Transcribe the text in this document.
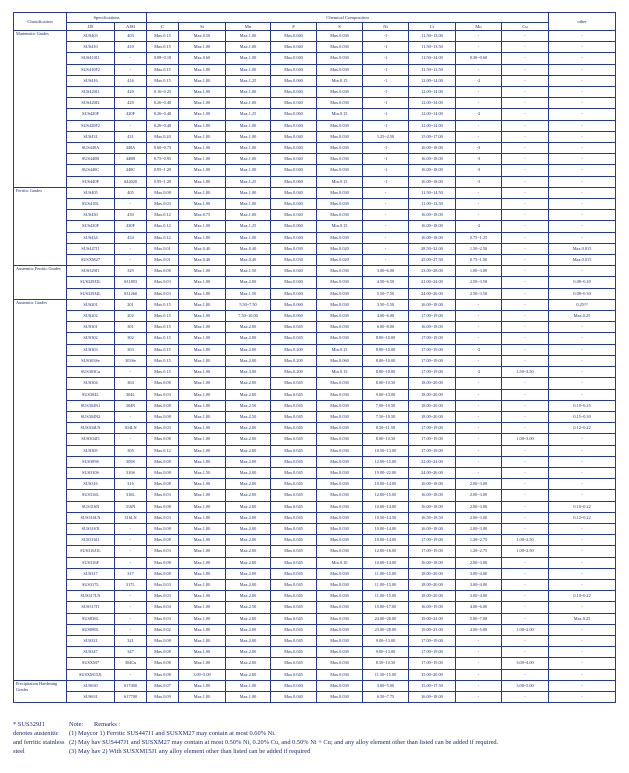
Classification	Specifications		Chemical Composition									other	
	JIS	AISI	C	Si	Mn	P	S	Ni	Cr	Mo	Cu	
Martensitic Grades	SUS403	403	Max.0.15	Max.0.50	Max.1.00	Max.0.040	Max.0.030	-1	11.50~13.00	-	-	-	
	SUS410	410	Max.0.15	Max.1.00	Max.1.00	Max.0.040	Max.0.030	-1	11.50~13.50	-	-	-	
	SUS410J1	-	0.08~0.18	Max.0.60	Max.1.00	Max.0.040	Max.0.030	-1	11.50~14.00	0.30~0.60	-	-	
	SUS410F2	-	Max.0.15	Max.1.00	Max.1.00	Max.0.040	Max.0.030	-1	11.50~13.50	-	-	-	
	SUS416	416	Max.0.15	Max.1.00	Max.1.25	Max.0.060	Min.0.15	-1	12.00~14.00	-2	-	-	
	SUS420J1	420	0.16~0.25	Max.1.00	Max.1.00	Max.0.040	Max.0.030	-1	12.00~14.00	-	-	-	
	SUS420J2	420	0.26~0.40	Max.1.00	Max.1.00	Max.0.040	Max.0.030	-1	12.00~14.00	-	-	-	
	SUS420F	420F	0.26~0.40	Max.1.00	Max.1.25	Max.0.060	Min.0.15	-1	12.00~14.00	-2	-	-	
	SUS420F2	-	0.26~0.40	Max.1.00	Max.1.00	Max.0.040	Max.0.030	-1	12.00~14.00	-	-	-	
	SUS431	431	Max.0.20	Max.1.00	Max.1.00	Max.0.040	Max.0.030	1.25~2.50	15.00~17.00	-	-	-	
	SUS440A	440A	0.60~0.75	Max.1.00	Max.1.00	Max.0.040	Max.0.030	-1	16.00~18.00	-3	-	-	
	SUS440B	440B	0.75~0.95	Max.1.00	Max.1.00	Max.0.040	Max.0.030	-1	16.00~18.00	-3	-	-	
	SUS440C	440C	0.95~1.20	Max.1.00	Max.1.00	Max.0.040	Max.0.030	-1	16.00~18.00	-3	-	-	
	SUS440F	S44020	0.95~1.20	Max.1.00	Max.1.25	Max.0.060	Min.0.15	-1	16.00~18.00	-3	-	-	
Ferritic Grades	SUS405	405	Max.0.08	Max.1.00	Max.1.00	Max.0.040	Max.0.030	-	11.50~14.50	-	-	-	
	SUS410L	-	Max.0.03	Max.1.00	Max.1.00	Max.0.040	Max.0.030	-	11.00~13.50	-	-	-	
	SUS430	430	Max.0.12	Max.0.75	Max.1.00	Max.0.040	Max.0.030	-	16.00~18.00	-	-	-	
	SUS430F	430F	Max.0.12	Max.1.00	Max.1.25	Max.0.060	Min.0.15	-	16.00~18.00	-2	-	-	
	SUS434	434	Max.0.12	Max.1.00	Max.1.00	Max.0.040	Max.0.030	-	16.00~18.00	0.75~1.25	-	-	
	SUS447J1	-	Max.0.01	Max.0.40	Max.0.40	Max.0.030	Max.0.020	-	28.50~32.00	1.50~2.50	-	Max.0.015	
	SUSXM27	-	Max.0.01	Max.0.40	Max.0.40	Max.0.030	Max.0.020	-	25.00~27.50	0.75~1.50	-	Max.0.015	
Austenitic Ferritic Grades	SUS329J1	329	Max.0.08	Max.1.00	Max.1.50	Max.0.040	Max.0.030	3.00~6.00	23.00~28.00	1.00~3.00	-	-	
	SUS329J3L	S31803	Max.0.03	Max.1.00	Max.2.00	Max.0.040	Max.0.030	4.50~6.50	21.00~24.00	2.50~3.50	-	0.08~0.20	
	SUS329J4L	S31260	Max.0.03	Max.1.00	Max.1.50	Max.0.040	Max.0.030	5.50~7.50	24.00~26.00	2.50~3.50	-	0.08~0.30	
Austenitic Grades	SUS201	201	Max.0.15	Max.1.00	5.50~7.50	Max.0.060	Max.0.030	3.50~5.50	16.00~18.00	-	-	0.25??	
	SUS202	202	Max.0.15	Max.1.00	7.50~10.00	Max.0.060	Max.0.030	4.00~6.00	17.00~19.00	-	-	Max.0.25	
	SUS301	301	Max.0.15	Max.1.00	Max.2.00	Max.0.045	Max.0.030	6.00~8.00	16.00~18.00	-	-	-	
	SUS302	302	Max.0.15	Max.1.00	Max.2.00	Max.0.045	Max.0.030	8.00~10.00	17.00~19.00	-	-	-	
	SUS303	303	Max.0.15	Max.1.00	Max.2.00	Max.0.200	Min.0.15	8.00~10.00	17.00~19.00	-2	-	-	
	SUS303Se	303Se	Max.0.15	Max.1.00	Max.2.00	Max.0.200	Max.0.060	8.00~10.00	17.00~19.00	-	-	-	
	SUS303Cu	-	Max.0.15	Max.1.00	Max.3.00	Max.0.200	Min.0.15	8.00~10.00	17.00~19.00	-2	1.50~3.50	-	
	SUS304	304	Max.0.08	Max.1.00	Max.2.00	Max.0.045	Max.0.030	8.00~10.50	18.00~20.00	-	-	-	
	SUS304L	304L	Max.0.03	Max.1.00	Max.2.00	Max.0.045	Max.0.030	9.00~13.00	18.00~20.00	-	-	-	
	SUS304N1	304N	Max.0.08	Max.1.00	Max.2.50	Max.0.045	Max.0.030	7.00~10.50	18.00~20.00	-	-	0.10~0.25	
	SUS304N2	-	Max.0.08	Max.1.00	Max.2.50	Max.0.045	Max.0.030	7.50~10.50	18.00~20.00	-	-	0.15~0.30	
	SUS304LN	304LN	Max.0.03	Max.1.00	Max.2.00	Max.0.045	Max.0.030	8.50~11.50	17.00~19.00	-	-	0.12~0.22	
	SUS304J3	-	Max.0.08	Max.1.00	Max.2.00	Max.0.045	Max.0.030	8.00~10.50	17.00~19.00	-	1.00~3.00	-	
	SUS305	305	Max.0.12	Max.1.00	Max.2.00	Max.0.045	Max.0.030	10.50~13.00	17.00~19.00	-	-	-	
	SUS309S	309S	Max.0.08	Max.1.00	Max.2.00	Max.0.045	Max.0.030	12.00~15.00	22.00~24.00	-	-	-	
	SUS310S	310S	Max.0.08	Max.1.50	Max.2.00	Max.0.045	Max.0.030	19.00~22.00	24.00~26.00	-	-	-	
	SUS316	316	Max.0.08	Max.1.00	Max.2.00	Max.0.045	Max.0.030	10.00~14.00	16.00~18.00	2.00~3.00	-	-	
	SUS316L	316L	Max.0.03	Max.1.00	Max.2.00	Max.0.045	Max.0.030	12.00~15.00	16.00~18.00	2.00~3.00	-	-	
	SUS316N	316N	Max.0.08	Max.1.00	Max.2.00	Max.0.045	Max.0.030	10.00~14.00	16.00~18.00	2.00~3.00	-	0.10~0.22	
	SUS316LN	316LN	Max.0.03	Max.1.00	Max.2.00	Max.0.045	Max.0.030	10.50~14.50	16.50~18.50	2.00~3.00	-	0.12~0.22	
	SUS316Ti	-	Max.0.08	Max.1.00	Max.2.00	Max.0.045	Max.0.030	10.00~14.00	16.00~18.00	2.00~3.00	-	-	
	SUS316J1	-	Max.0.08	Max.1.00	Max.2.00	Max.0.045	Max.0.030	10.00~14.00	17.00~19.00	1.20~2.75	1.00~2.50	-	
	SUS316J1L	-	Max.0.03	Max.1.00	Max.2.00	Max.0.045	Max.0.030	12.00~16.00	17.00~19.00	1.20~2.75	1.00~2.50	-	
	SUS316F	-	Max.0.08	Max.1.00	Max.2.00	Max.0.045	Min.0.10	10.00~14.00	16.00~18.00	2.00~3.00	-	-	
	SUS317	317	Max.0.08	Max.1.00	Max.2.00	Max.0.045	Max.0.030	11.00~15.00	18.00~20.00	3.00~4.00	-	-	
	SUS317L	317L	Max.0.03	Max.1.00	Max.2.00	Max.0.045	Max.0.030	11.00~15.00	18.00~20.00	3.00~4.00	-	-	
	SUS317LN	-	Max.0.03	Max.1.00	Max.2.00	Max.0.045	Max.0.030	11.00~15.00	18.00~20.00	3.00~4.00	-	0.10~0.22	
	SUS317J1	-	Max.0.04	Max.1.00	Max.2.50	Max.0.045	Max.0.030	15.00~17.00	16.00~19.00	4.00~6.00	-	-	
	SUS836L	-	Max.0.03	Max.1.00	Max.2.00	Max.0.045	Max.0.030	24.00~26.00	19.00~24.00	5.00~7.00	-	Max.0.25	
	SUS890L	-	Max.0.02	Max.1.00	Max.2.00	Max.0.045	Max.0.030	23.00~28.00	19.00~23.00	4.00~5.00	1.00~2.00	-	
	SUS321	321	Max.0.08	Max.1.00	Max.2.00	Max.0.045	Max.0.030	9.00~13.00	17.00~19.00	-	-	-	
	SUS347	347	Max.0.08	Max.1.00	Max.2.00	Max.0.045	Max.0.030	9.00~13.00	17.00~19.00	-	-	-	
	SUSXM7	304Cu	Max.0.08	Max.1.00	Max.2.00	Max.0.045	Max.0.030	8.50~10.50	17.00~19.00	-	3.00~4.00	-	
	SUSXM15J1	-	Max.0.08	3.00~5.00	Max.2.00	Max.0.045	Max.0.030	11.50~15.00	15.00~20.00	-	-	-	
Precipitation Hardening Grades	SUS630	S17400	Max.0.07	Max.1.00	Max.1.00	Max.0.040	Max.0.030	3.00~5.00	15.00~17.50	-	3.00~5.00	-	
	SUS631	S17700	Max.0.09	Max.1.00	Max.1.00	Max.0.040	Max.0.030	6.50~7.75	16.00~18.00	-	-	-	
* SUS329J1 denotes austenitic and ferritic stainless steel
Note:	Remarks :
(1) Maycor 1) Ferritic SUS447J1 and SUSXM27 may contain at most 0.60% Ni.
(2) May hav SUS447J1 and SUSXM27 may contain at most 0.50% Ni, 0.20% Cu, and 0.50% Ni + Cu; and any alloy element other than listed can be added if required.
(3) May hav 2) With SUSXM15J1 any alloy element other than listed can be added if required
